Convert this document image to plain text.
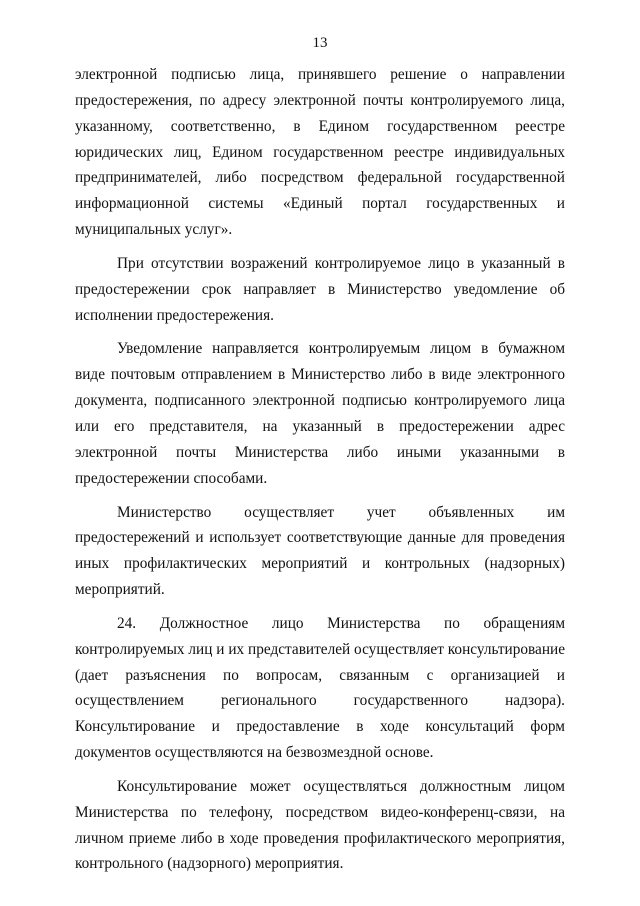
13

электронной подписью лица, принявшего решение о направлении предостережения, по адресу электронной почты контролируемого лица, указанному, соответственно, в Едином государственном реестре юридических лиц, Едином государственном реестре индивидуальных предпринимателей, либо посредством федеральной государственной информационной системы «Единый портал государственных и муниципальных услуг».

При отсутствии возражений контролируемое лицо в указанный в предостережении срок направляет в Министерство уведомление об исполнении предостережения.

Уведомление направляется контролируемым лицом в бумажном виде почтовым отправлением в Министерство либо в виде электронного документа, подписанного электронной подписью контролируемого лица или его представителя, на указанный в предостережении адрес электронной почты Министерства либо иными указанными в предостережении способами.

Министерство осуществляет учет объявленных им предостережений и использует соответствующие данные для проведения иных профилактических мероприятий и контрольных (надзорных) мероприятий.

24. Должностное лицо Министерства по обращениям контролируемых лиц и их представителей осуществляет консультирование (дает разъяснения по вопросам, связанным с организацией и осуществлением регионального государственного надзора). Консультирование и предоставление в ходе консультаций форм документов осуществляются на безвозмездной основе.

Консультирование может осуществляться должностным лицом Министерства по телефону, посредством видео-конференц-связи, на личном приеме либо в ходе проведения профилактического мероприятия, контрольного (надзорного) мероприятия.
